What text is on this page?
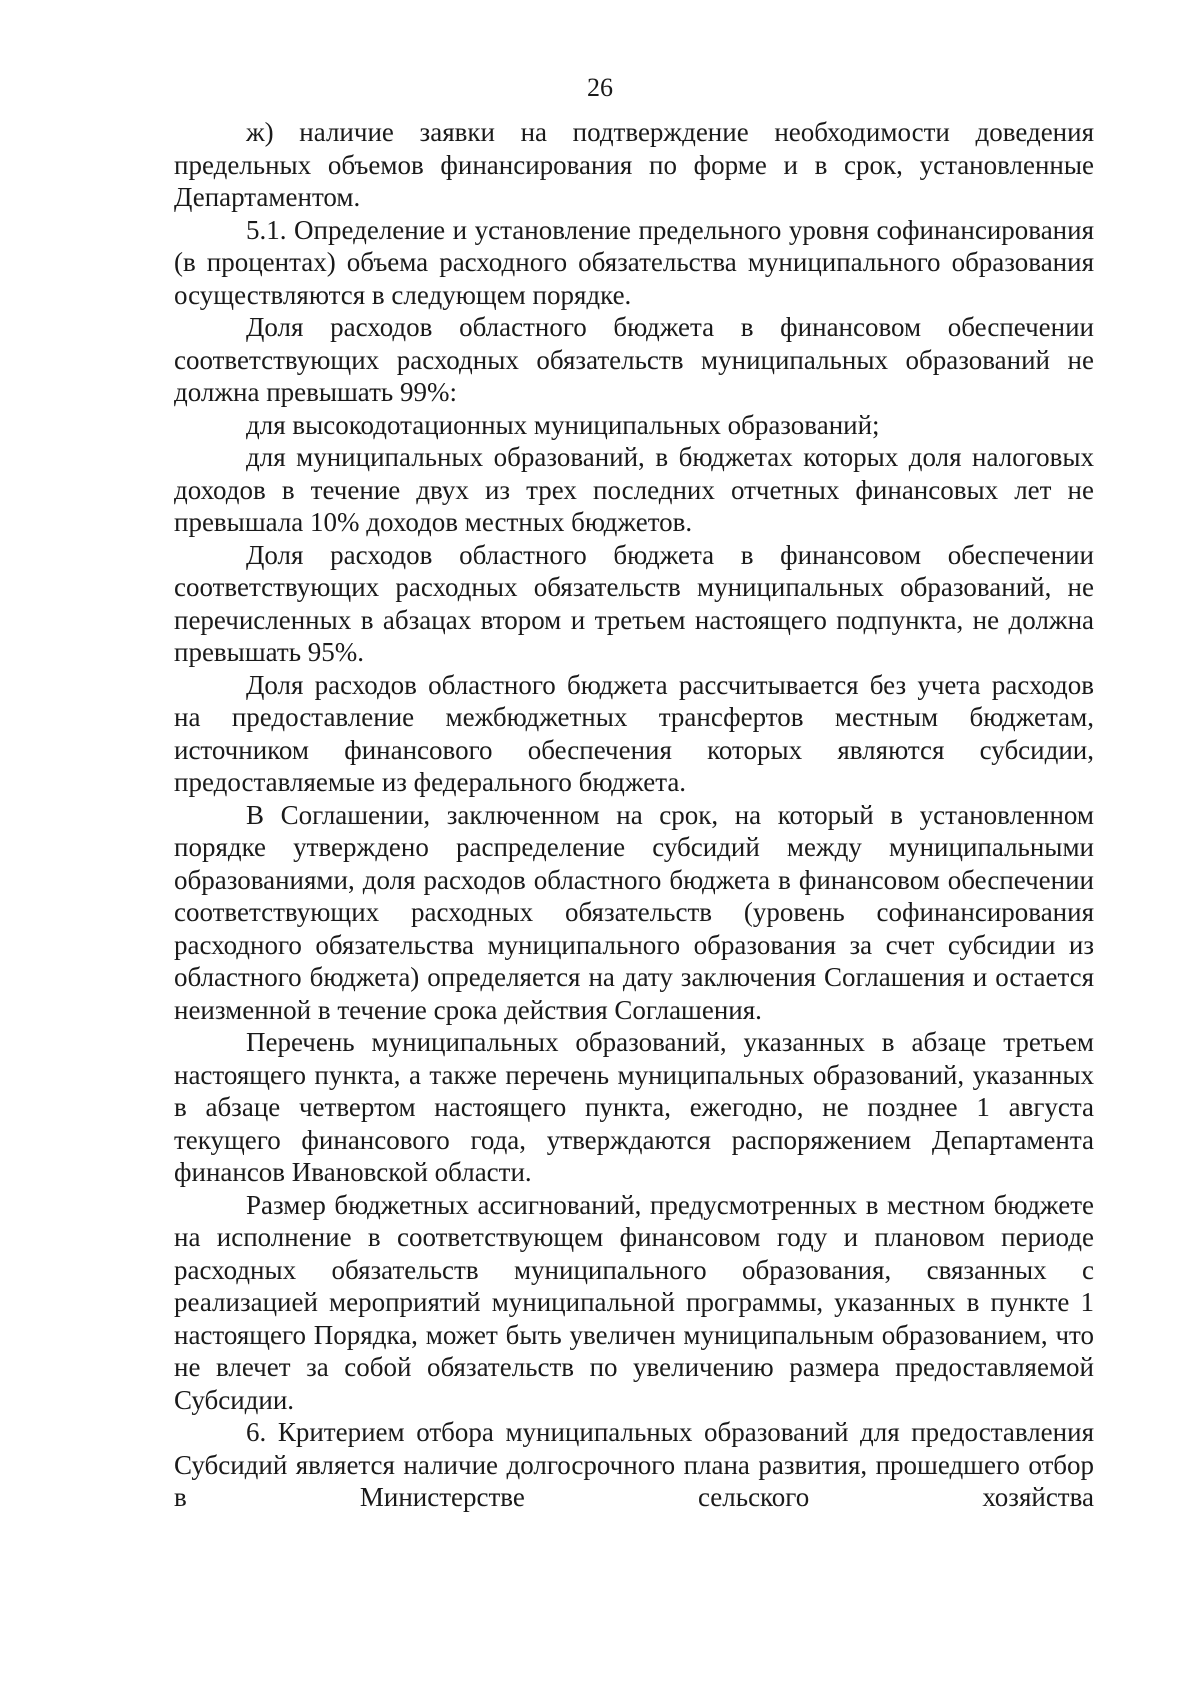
26

ж) наличие заявки на подтверждение необходимости доведения предельных объемов финансирования по форме и в срок, установленные Департаментом.

5.1. Определение и установление предельного уровня софинансирования (в процентах) объема расходного обязательства муниципального образования осуществляются в следующем порядке.

Доля расходов областного бюджета в финансовом обеспечении соответствующих расходных обязательств муниципальных образований не должна превышать 99%:

для высокодотационных муниципальных образований;

для муниципальных образований, в бюджетах которых доля налоговых доходов в течение двух из трех последних отчетных финансовых лет не превышала 10% доходов местных бюджетов.

Доля расходов областного бюджета в финансовом обеспечении соответствующих расходных обязательств муниципальных образований, не перечисленных в абзацах втором и третьем настоящего подпункта, не должна превышать 95%.

Доля расходов областного бюджета рассчитывается без учета расходов на предоставление межбюджетных трансфертов местным бюджетам, источником финансового обеспечения которых являются субсидии, предоставляемые из федерального бюджета.

В Соглашении, заключенном на срок, на который в установленном порядке утверждено распределение субсидий между муниципальными образованиями, доля расходов областного бюджета в финансовом обеспечении соответствующих расходных обязательств (уровень софинансирования расходного обязательства муниципального образования за счет субсидии из областного бюджета) определяется на дату заключения Соглашения и остается неизменной в течение срока действия Соглашения.

Перечень муниципальных образований, указанных в абзаце третьем настоящего пункта, а также перечень муниципальных образований, указанных в абзаце четвертом настоящего пункта, ежегодно, не позднее 1 августа текущего финансового года, утверждаются распоряжением Департамента финансов Ивановской области.

Размер бюджетных ассигнований, предусмотренных в местном бюджете на исполнение в соответствующем финансовом году и плановом периоде расходных обязательств муниципального образования, связанных с реализацией мероприятий муниципальной программы, указанных в пункте 1 настоящего Порядка, может быть увеличен муниципальным образованием, что не влечет за собой обязательств по увеличению размера предоставляемой Субсидии.

6. Критерием отбора муниципальных образований для предоставления Субсидий является наличие долгосрочного плана развития, прошедшего отбор в Министерстве сельского хозяйства
